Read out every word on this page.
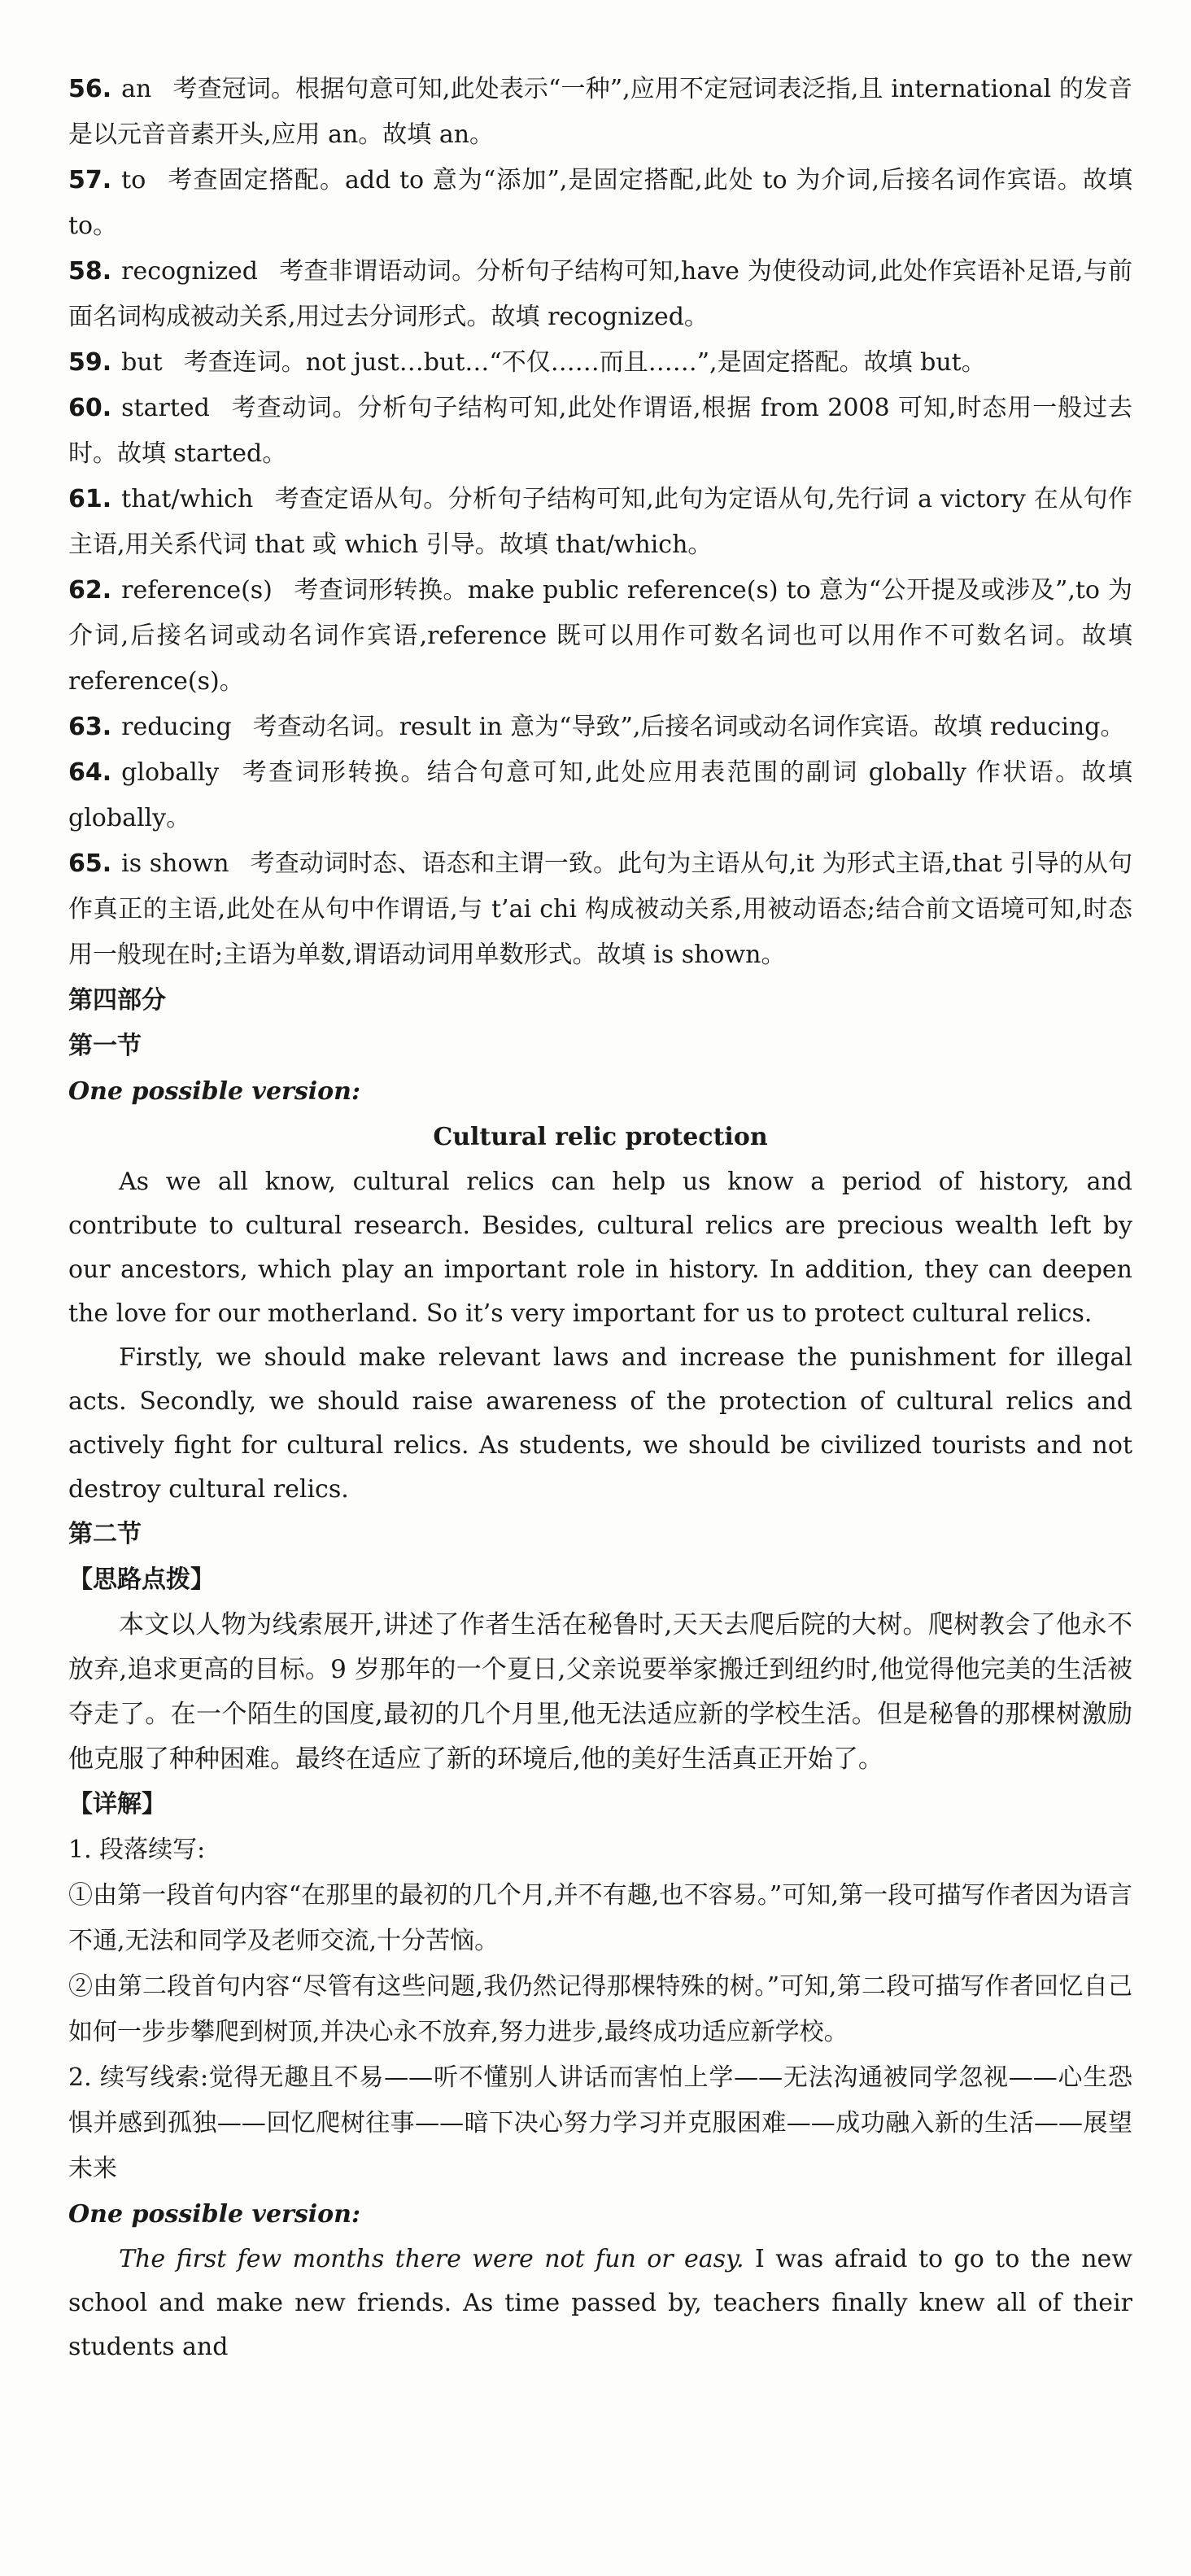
56. an 考查冠词。根据句意可知,此处表示“一种”,应用不定冠词表泛指,且 international 的发音是以元音音素开头,应用 an。故填 an。

57. to 考查固定搭配。add to 意为“添加”,是固定搭配,此处 to 为介词,后接名词作宾语。故填 to。

58. recognized 考查非谓语动词。分析句子结构可知,have 为使役动词,此处作宾语补足语,与前面名词构成被动关系,用过去分词形式。故填 recognized。

59. but 考查连词。not just…but…“不仅……而且……”,是固定搭配。故填 but。

60. started 考查动词。分析句子结构可知,此处作谓语,根据 from 2008 可知,时态用一般过去时。故填 started。

61. that/which 考查定语从句。分析句子结构可知,此句为定语从句,先行词 a victory 在从句作主语,用关系代词 that 或 which 引导。故填 that/which。

62. reference(s) 考查词形转换。make public reference(s) to 意为“公开提及或涉及”,to 为介词,后接名词或动名词作宾语,reference 既可以用作可数名词也可以用作不可数名词。故填 reference(s)。

63. reducing 考查动名词。result in 意为“导致”,后接名词或动名词作宾语。故填 reducing。

64. globally 考查词形转换。结合句意可知,此处应用表范围的副词 globally 作状语。故填 globally。

65. is shown 考查动词时态、语态和主谓一致。此句为主语从句,it 为形式主语,that 引导的从句作真正的主语,此处在从句中作谓语,与 t’ai chi 构成被动关系,用被动语态;结合前文语境可知,时态用一般现在时;主语为单数,谓语动词用单数形式。故填 is shown。

第四部分

第一节

One possible version:

Cultural relic protection

As we all know, cultural relics can help us know a period of history, and contribute to cultural research. Besides, cultural relics are precious wealth left by our ancestors, which play an important role in history. In addition, they can deepen the love for our motherland. So it’s very important for us to protect cultural relics.

Firstly, we should make relevant laws and increase the punishment for illegal acts. Secondly, we should raise awareness of the protection of cultural relics and actively fight for cultural relics. As students, we should be civilized tourists and not destroy cultural relics.

第二节

【思路点拨】

本文以人物为线索展开,讲述了作者生活在秘鲁时,天天去爬后院的大树。爬树教会了他永不放弃,追求更高的目标。9 岁那年的一个夏日,父亲说要举家搬迁到纽约时,他觉得他完美的生活被夺走了。在一个陌生的国度,最初的几个月里,他无法适应新的学校生活。但是秘鲁的那棵树激励他克服了种种困难。最终在适应了新的环境后,他的美好生活真正开始了。

【详解】

1. 段落续写:

①由第一段首句内容“在那里的最初的几个月,并不有趣,也不容易。”可知,第一段可描写作者因为语言不通,无法和同学及老师交流,十分苦恼。

②由第二段首句内容“尽管有这些问题,我仍然记得那棵特殊的树。”可知,第二段可描写作者回忆自己如何一步步攀爬到树顶,并决心永不放弃,努力进步,最终成功适应新学校。

2. 续写线索:觉得无趣且不易——听不懂别人讲话而害怕上学——无法沟通被同学忽视——心生恐惧并感到孤独——回忆爬树往事——暗下决心努力学习并克服困难——成功融入新的生活——展望未来

One possible version:

The first few months there were not fun or easy. I was afraid to go to the new school and make new friends. As time passed by, teachers finally knew all of their students and
